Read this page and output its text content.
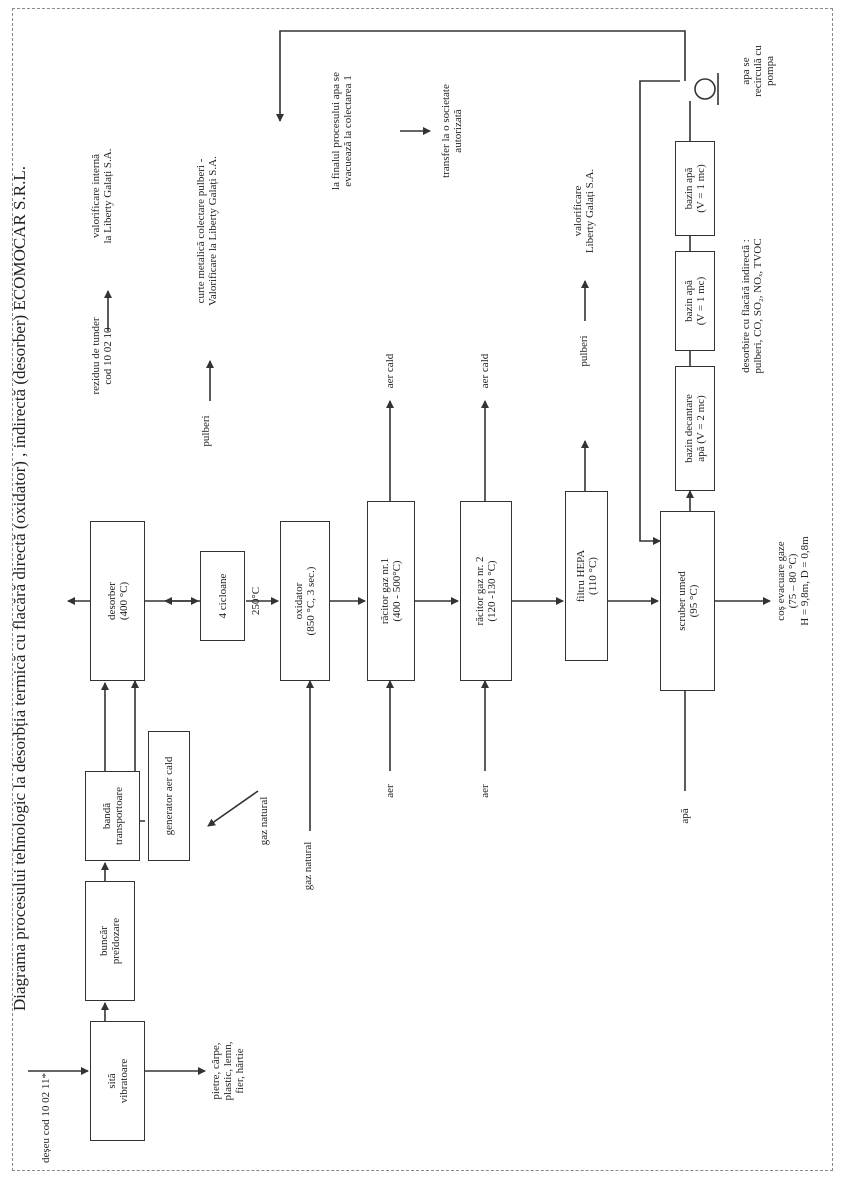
Diagrama procesului tehnologic la desorbția termică cu flacără directă (oxidator) , indirectă (desorber) ECOMOCAR S.R.L.
deșeu cod 10 02 11*	sită
vibratoare	pietre, cârpe,
plastic, lemn,
fier, hârtie
buncăr
preîdozare
bandă
transportoare	generator aer cald	gaz natural
desorber
(400 °C)
reziduu de tunder
cod 10 02 10
valorificare internă
la Liberty Galați S.A.
4 cicloane
pulberi
curte metalică colectare pulberi -
Valorificare la Liberty Galați S.A.
250°C	oxidator
(850 °C, 3 sec.)
gaz natural
răcitor gaz nr.1
(400 - 500°C)
aer
aer cald
răcitor gaz nr. 2
(120 -130 °C)
aer
aer cald
filtru HEPA
(110 °C)
pulberi
valorificare
Liberty Galați S.A.
scruber umed
(95 °C)
apă
coș evacuare gaze
(75 – 80 °C)
H = 9,8m, D = 0,8m
bazin decantare
apă (V = 2 mc)
bazin apă
(V = 1 mc)
bazin apă
(V = 1 mc)
desorbire cu flacără indirectă :
pulberi, CO, SO₂, NOₓ, TVOC
la finalul procesului apa se
evacuează la colectarea 1
transfer la o societate
autorizată
apa se
recirculă cu
pompa
